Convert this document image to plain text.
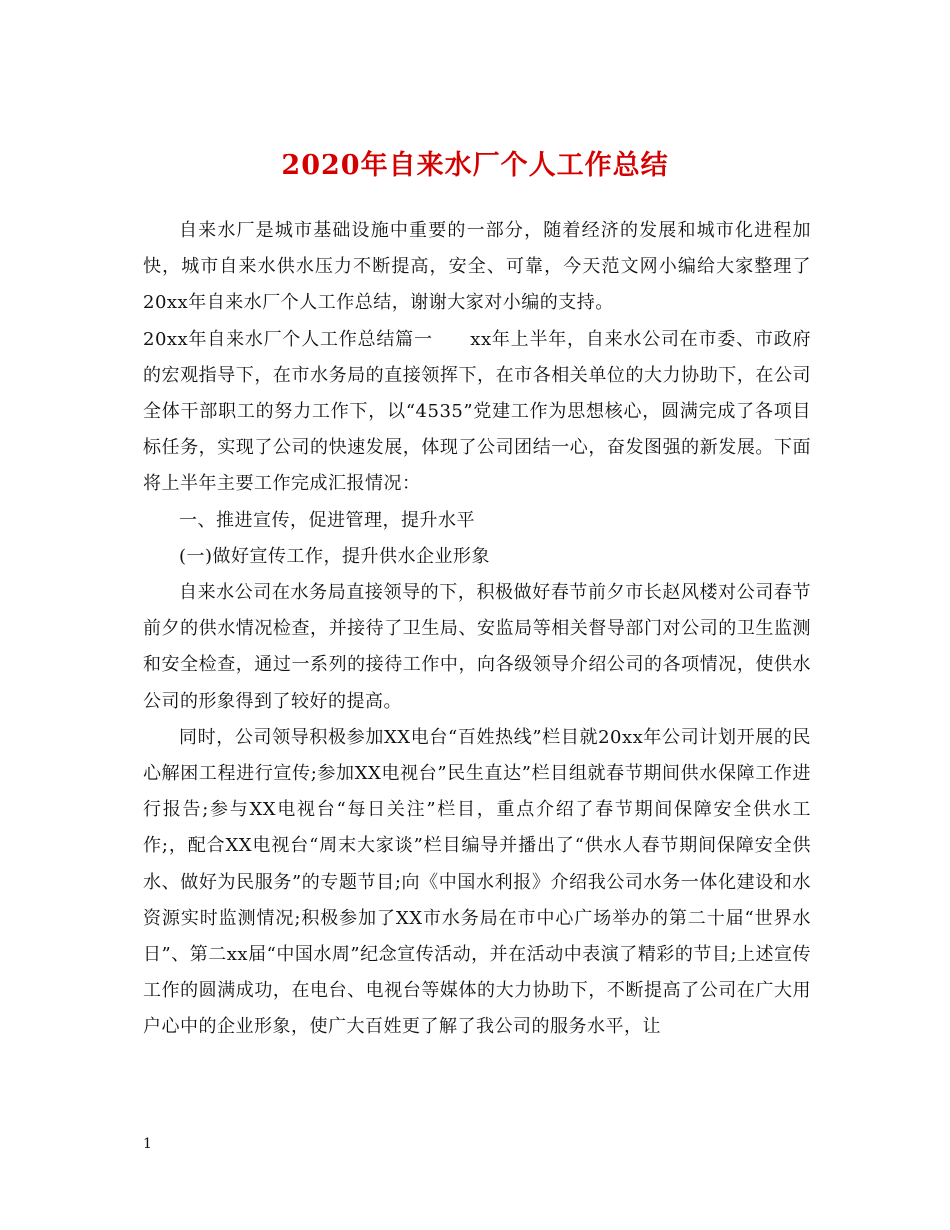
2020年自来水厂个人工作总结

自来水厂是城市基础设施中重要的一部分，随着经济的发展和城市化进程加快，城市自来水供水压力不断提高，安全、可靠，今天范文网小编给大家整理了20xx年自来水厂个人工作总结，谢谢大家对小编的支持。

20xx年自来水厂个人工作总结篇一　　xx年上半年，自来水公司在市委、市政府的宏观指导下，在市水务局的直接领挥下，在市各相关单位的大力协助下，在公司全体干部职工的努力工作下，以“4535”党建工作为思想核心，圆满完成了各项目标任务，实现了公司的快速发展，体现了公司团结一心，奋发图强的新发展。下面将上半年主要工作完成汇报情况：

一、推进宣传，促进管理，提升水平

(一)做好宣传工作，提升供水企业形象

自来水公司在水务局直接领导的下，积极做好春节前夕市长赵风楼对公司春节前夕的供水情况检查，并接待了卫生局、安监局等相关督导部门对公司的卫生监测和安全检查，通过一系列的接待工作中，向各级领导介绍公司的各项情况，使供水公司的形象得到了较好的提高。

同时，公司领导积极参加XX电台“百姓热线”栏目就20xx年公司计划开展的民心解困工程进行宣传;参加XX电视台”民生直达”栏目组就春节期间供水保障工作进行报告;参与XX电视台“每日关注”栏目，重点介绍了春节期间保障安全供水工作;，配合XX电视台“周末大家谈”栏目编导并播出了“供水人春节期间保障安全供水、做好为民服务”的专题节目;向《中国水利报》介绍我公司水务一体化建设和水资源实时监测情况;积极参加了XX市水务局在市中心广场举办的第二十届“世界水日”、第二xx届“中国水周”纪念宣传活动，并在活动中表演了精彩的节目;上述宣传工作的圆满成功，在电台、电视台等媒体的大力协助下，不断提高了公司在广大用户心中的企业形象，使广大百姓更了解了我公司的服务水平，让

1
